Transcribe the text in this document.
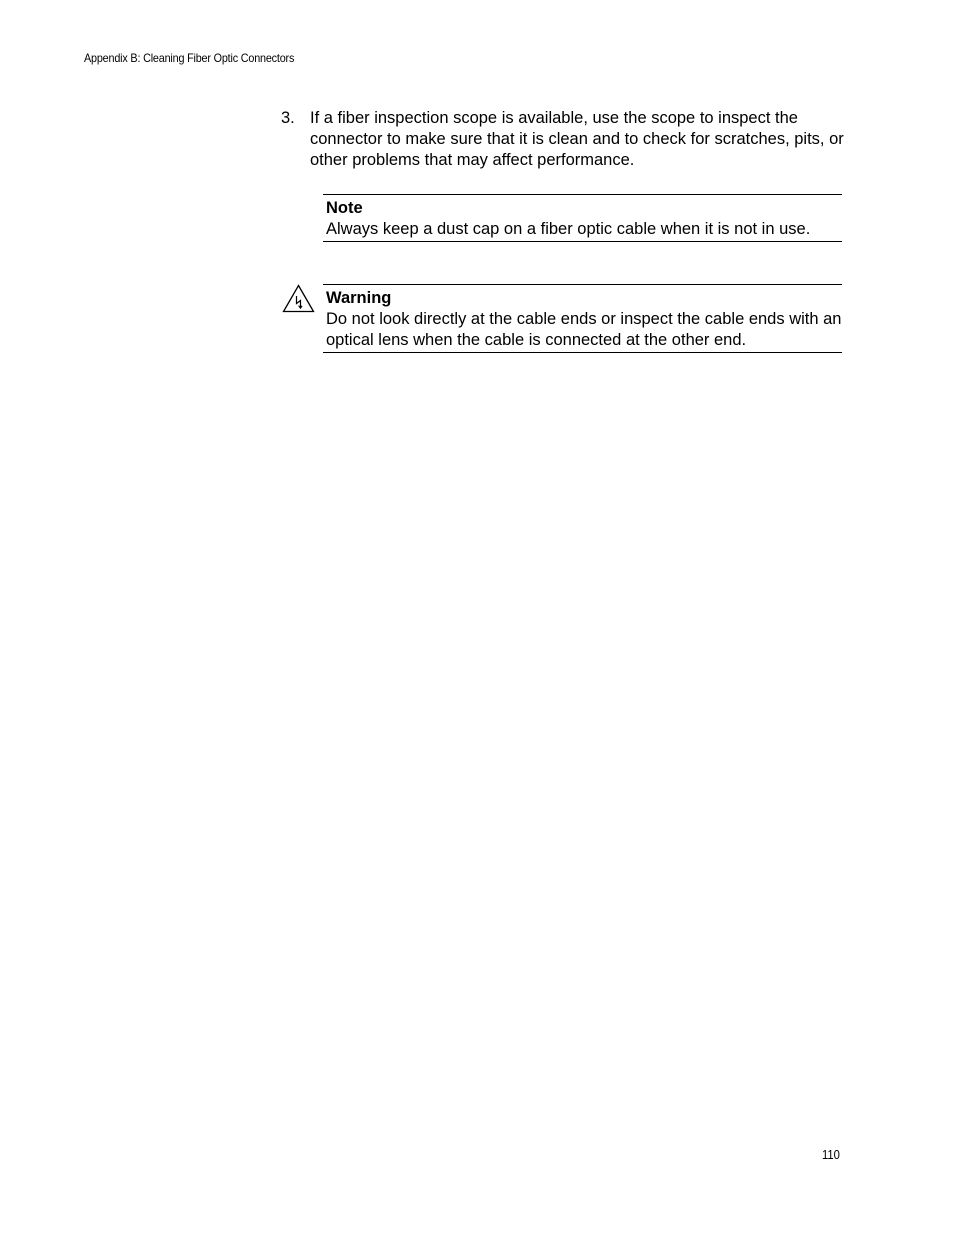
Appendix B: Cleaning Fiber Optic Connectors
3. If a fiber inspection scope is available, use the scope to inspect the connector to make sure that it is clean and to check for scratches, pits, or other problems that may affect performance.
Note
Always keep a dust cap on a fiber optic cable when it is not in use.
Warning
Do not look directly at the cable ends or inspect the cable ends with an optical lens when the cable is connected at the other end.
110
